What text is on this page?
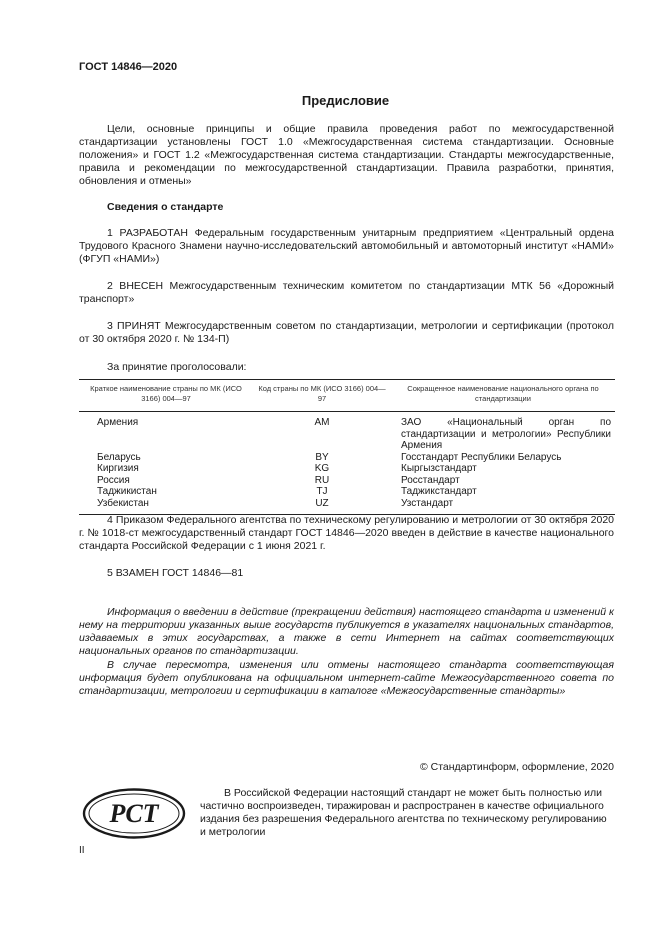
ГОСТ 14846—2020
Предисловие
Цели, основные принципы и общие правила проведения работ по межгосударственной стандартизации установлены ГОСТ 1.0 «Межгосударственная система стандартизации. Основные положения» и ГОСТ 1.2 «Межгосударственная система стандартизации. Стандарты межгосударственные, правила и рекомендации по межгосударственной стандартизации. Правила разработки, принятия, обновления и отмены»
Сведения о стандарте
1 РАЗРАБОТАН Федеральным государственным унитарным предприятием «Центральный ордена Трудового Красного Знамени научно-исследовательский автомобильный и автомоторный институт «НАМИ» (ФГУП «НАМИ»)
2 ВНЕСЕН Межгосударственным техническим комитетом по стандартизации МТК 56 «Дорожный транспорт»
3 ПРИНЯТ Межгосударственным советом по стандартизации, метрологии и сертификации (протокол от 30 октября 2020 г. № 134-П)
За принятие проголосовали:
Краткое наименование страны по МК (ИСО 3166) 004—97	Код страны по МК (ИСО 3166) 004—97	Сокращенное наименование национального органа по стандартизации
Армения	AM	ЗАО «Национальный орган по стандартизации и метрологии» Республики Армения
Беларусь	BY	Госстандарт Республики Беларусь
Киргизия	KG	Кыргызстандарт
Россия	RU	Росстандарт
Таджикистан	TJ	Таджикстандарт
Узбекистан	UZ	Узстандарт
4 Приказом Федерального агентства по техническому регулированию и метрологии от 30 октября 2020 г. № 1018-ст межгосударственный стандарт ГОСТ 14846—2020 введен в действие в качестве национального стандарта Российской Федерации с 1 июня 2021 г.
5 ВЗАМЕН ГОСТ 14846—81
Информация о введении в действие (прекращении действия) настоящего стандарта и изменений к нему на территории указанных выше государств публикуется в указателях национальных стандартов, издаваемых в этих государствах, а также в сети Интернет на сайтах соответствующих национальных органов по стандартизации.
В случае пересмотра, изменения или отмены настоящего стандарта соответствующая информация будет опубликована на официальном интернет-сайте Межгосударственного совета по стандартизации, метрологии и сертификации в каталоге «Межгосударственные стандарты»
© Стандартинформ, оформление, 2020
РСТ
В Российской Федерации настоящий стандарт не может быть полностью или частично воспроизведен, тиражирован и распространен в качестве официального издания без разрешения Федерального агентства по техническому регулированию и метрологии
II
